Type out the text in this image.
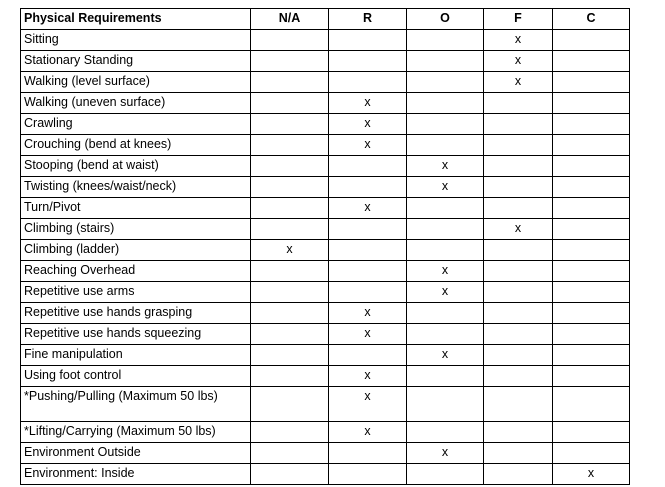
Physical Requirements	N/A	R	O	F	C
Sitting				x	
Stationary Standing				x	
Walking (level surface)				x	
Walking (uneven surface)		x			
Crawling		x			
Crouching (bend at knees)		x			
Stooping (bend at waist)			x		
Twisting (knees/waist/neck)			x		
Turn/Pivot		x			
Climbing (stairs)				x	
Climbing (ladder)	x				
Reaching Overhead			x		
Repetitive use arms			x		
Repetitive use hands grasping		x			
Repetitive use hands squeezing		x			
Fine manipulation			x		
Using foot control		x			
*Pushing/Pulling (Maximum 50 lbs)		x			
*Lifting/Carrying (Maximum 50 lbs)		x			
Environment Outside			x		
Environment: Inside					x
